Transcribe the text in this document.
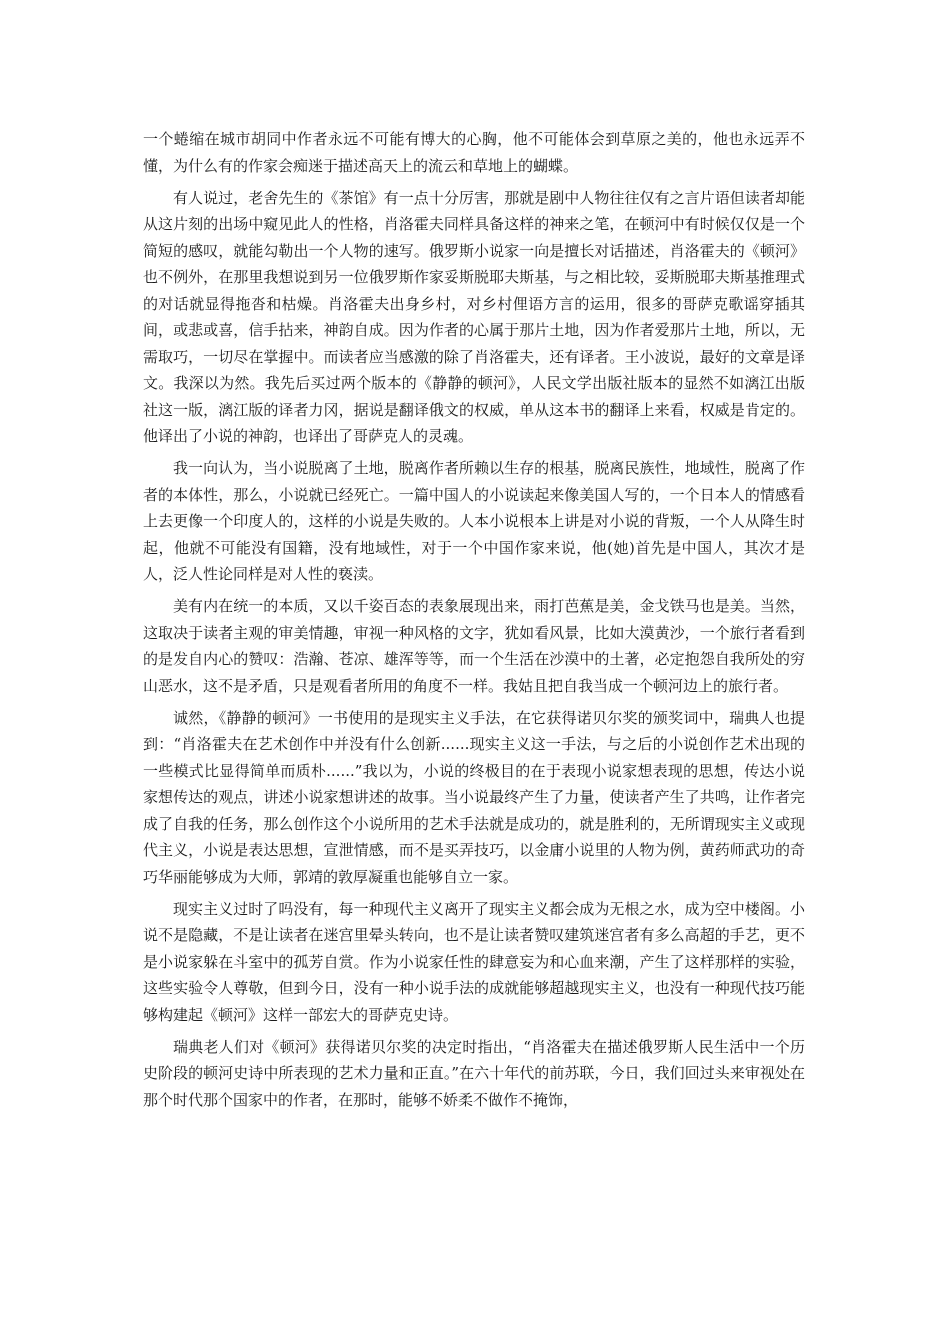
一个蜷缩在城市胡同中作者永远不可能有博大的心胸，他不可能体会到草原之美的，他也永远弄不懂，为什么有的作家会痴迷于描述高天上的流云和草地上的蝴蝶。

有人说过，老舍先生的《茶馆》有一点十分厉害，那就是剧中人物往往仅有之言片语但读者却能从这片刻的出场中窥见此人的性格，肖洛霍夫同样具备这样的神来之笔，在顿河中有时候仅仅是一个简短的感叹，就能勾勒出一个人物的速写。俄罗斯小说家一向是擅长对话描述，肖洛霍夫的《顿河》也不例外，在那里我想说到另一位俄罗斯作家妥斯脱耶夫斯基，与之相比较，妥斯脱耶夫斯基推理式的对话就显得拖沓和枯燥。肖洛霍夫出身乡村，对乡村俚语方言的运用，很多的哥萨克歌谣穿插其间，或悲或喜，信手拈来，神韵自成。因为作者的心属于那片土地，因为作者爱那片土地，所以，无需取巧，一切尽在掌握中。而读者应当感激的除了肖洛霍夫，还有译者。王小波说，最好的文章是译文。我深以为然。我先后买过两个版本的《静静的顿河》，人民文学出版社版本的显然不如漓江出版社这一版，漓江版的译者力冈，据说是翻译俄文的权威，单从这本书的翻译上来看，权威是肯定的。他译出了小说的神韵，也译出了哥萨克人的灵魂。

我一向认为，当小说脱离了土地，脱离作者所赖以生存的根基，脱离民族性，地域性，脱离了作者的本体性，那么，小说就已经死亡。一篇中国人的小说读起来像美国人写的，一个日本人的情感看上去更像一个印度人的，这样的小说是失败的。人本小说根本上讲是对小说的背叛，一个人从降生时起，他就不可能没有国籍，没有地域性，对于一个中国作家来说，他(她)首先是中国人，其次才是人，泛人性论同样是对人性的亵渎。

美有内在统一的本质，又以千姿百态的表象展现出来，雨打芭蕉是美，金戈铁马也是美。当然，这取决于读者主观的审美情趣，审视一种风格的文字，犹如看风景，比如大漠黄沙，一个旅行者看到的是发自内心的赞叹：浩瀚、苍凉、雄浑等等，而一个生活在沙漠中的土著，必定抱怨自我所处的穷山恶水，这不是矛盾，只是观看者所用的角度不一样。我姑且把自我当成一个顿河边上的旅行者。

诚然，《静静的顿河》一书使用的是现实主义手法，在它获得诺贝尔奖的颁奖词中，瑞典人也提到：“肖洛霍夫在艺术创作中并没有什么创新......现实主义这一手法，与之后的小说创作艺术出现的一些模式比显得简单而质朴......”我以为，小说的终极目的在于表现小说家想表现的思想，传达小说家想传达的观点，讲述小说家想讲述的故事。当小说最终产生了力量，使读者产生了共鸣，让作者完成了自我的任务，那么创作这个小说所用的艺术手法就是成功的，就是胜利的，无所谓现实主义或现代主义，小说是表达思想，宣泄情感，而不是买弄技巧，以金庸小说里的人物为例，黄药师武功的奇巧华丽能够成为大师，郭靖的敦厚凝重也能够自立一家。

现实主义过时了吗没有，每一种现代主义离开了现实主义都会成为无根之水，成为空中楼阁。小说不是隐藏，不是让读者在迷宫里晕头转向，也不是让读者赞叹建筑迷宫者有多么高超的手艺，更不是小说家躲在斗室中的孤芳自赏。作为小说家任性的肆意妄为和心血来潮，产生了这样那样的实验，这些实验令人尊敬，但到今日，没有一种小说手法的成就能够超越现实主义，也没有一种现代技巧能够构建起《顿河》这样一部宏大的哥萨克史诗。

瑞典老人们对《顿河》获得诺贝尔奖的决定时指出，“肖洛霍夫在描述俄罗斯人民生活中一个历史阶段的顿河史诗中所表现的艺术力量和正直。”在六十年代的前苏联，今日，我们回过头来审视处在那个时代那个国家中的作者，在那时，能够不娇柔不做作不掩饰，
